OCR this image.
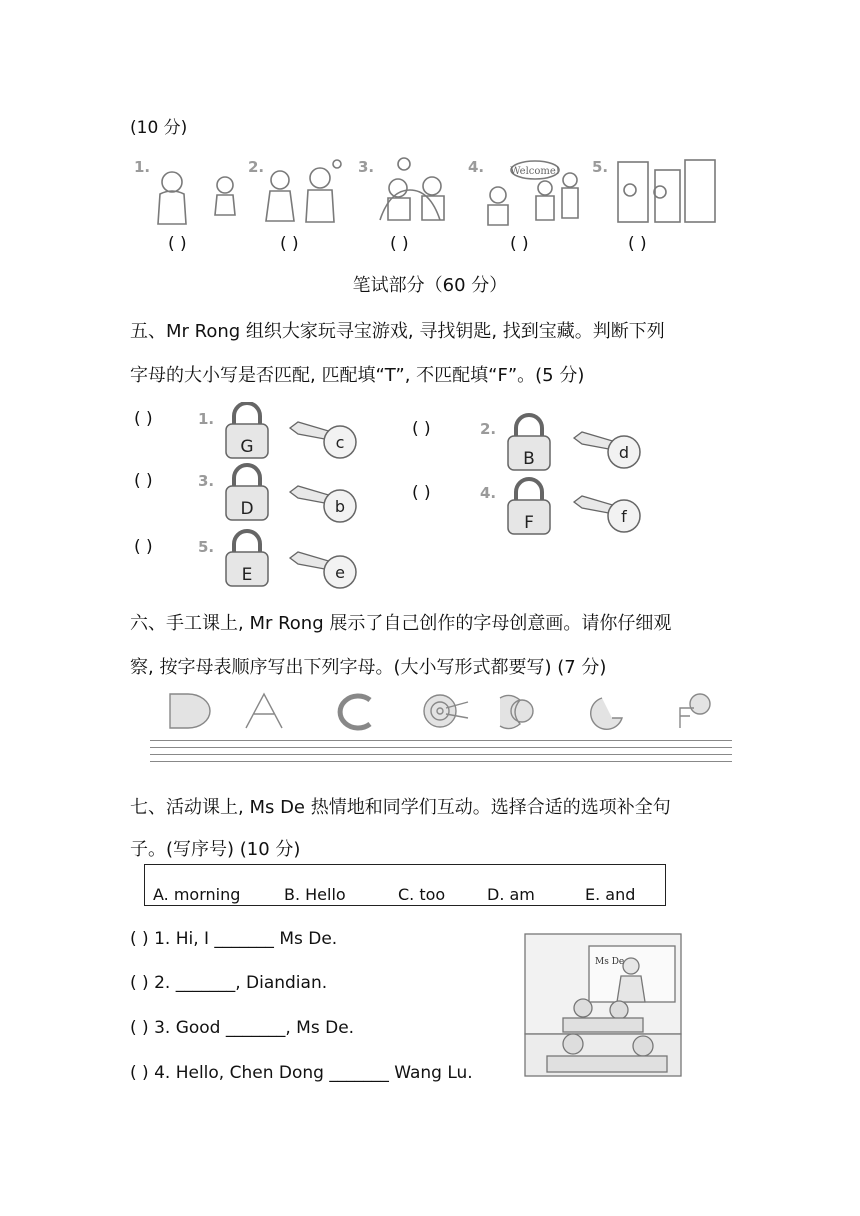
(10 分)
1.	2.	3.	4.	Welcome! 5.
( )	( )	( )	( )	( )
笔试部分（60 分）
五、Mr Rong 组织大家玩寻宝游戏, 寻找钥匙, 找到宝藏。判断下列
字母的大小写是否匹配, 匹配填“T”, 不匹配填“F”。(5 分)
( )	1.
G	c
( )	2.
B	d
( )	3.
D	b
( )	4.
F	f
( )	5.
E	e
六、手工课上, Mr Rong 展示了自己创作的字母创意画。请你仔细观
察, 按字母表顺序写出下列字母。(大小写形式都要写) (7 分)
七、活动课上, Ms De 热情地和同学们互动。选择合适的选项补全句
子。(写序号) (10 分)
A. morning	B. Hello	C. too	D. am	E. and
( ) 1. Hi, I _______ Ms De.
( ) 2. _______, Diandian.
( ) 3. Good _______, Ms De.
( ) 4. Hello, Chen Dong _______ Wang Lu.
Ms De
